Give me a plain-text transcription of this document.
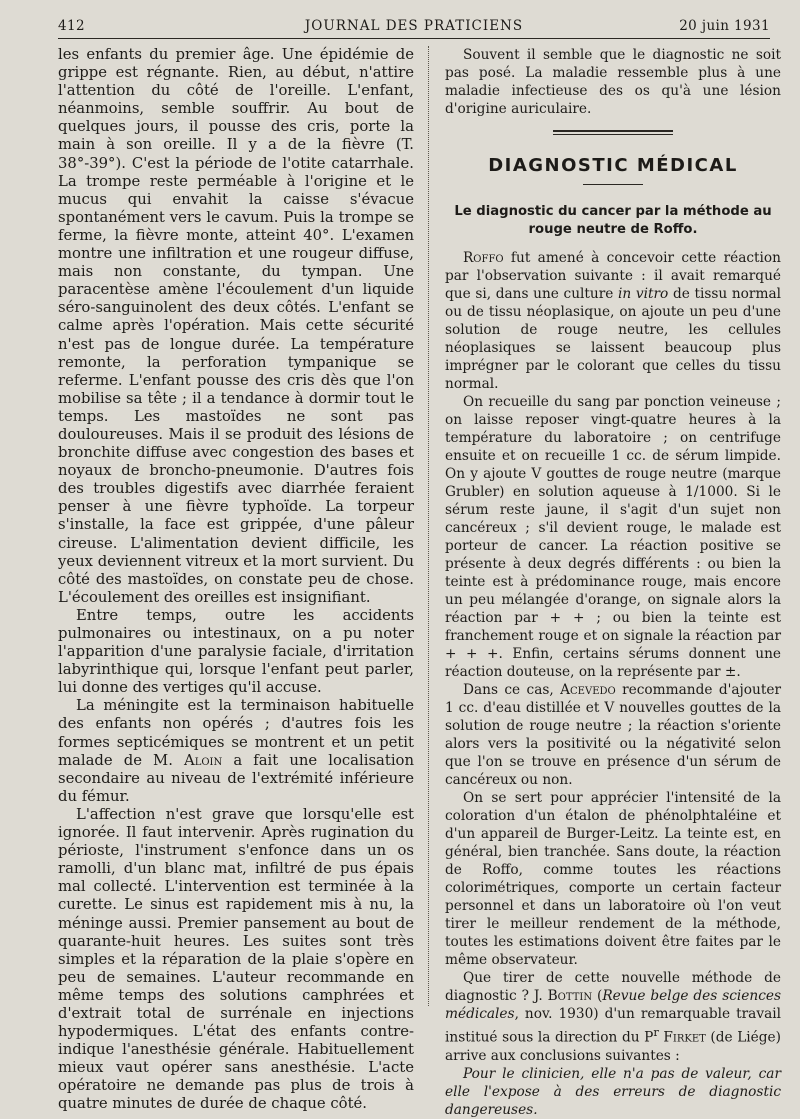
412	JOURNAL DES PRATICIENS	20 juin 1931

les enfants du premier âge. Une épidémie de grippe est régnante. Rien, au début, n'attire l'attention du côté de l'oreille. L'enfant, néanmoins, semble souffrir. Au bout de quelques jours, il pousse des cris, porte la main à son oreille. Il y a de la fièvre (T. 38°-39°). C'est la période de l'otite catarrhale. La trompe reste perméable à l'origine et le mucus qui envahit la caisse s'évacue spontanément vers le cavum. Puis la trompe se ferme, la fièvre monte, atteint 40°. L'examen montre une infiltration et une rougeur diffuse, mais non constante, du tympan. Une paracentèse amène l'écoulement d'un liquide séro-sanguinolent des deux côtés. L'enfant se calme après l'opération. Mais cette sécurité n'est pas de longue durée. La température remonte, la perforation tympanique se referme. L'enfant pousse des cris dès que l'on mobilise sa tête ; il a tendance à dormir tout le temps. Les mastoïdes ne sont pas douloureuses. Mais il se produit des lésions de bronchite diffuse avec congestion des bases et noyaux de broncho-pneumonie. D'autres fois des troubles digestifs avec diarrhée feraient penser à une fièvre typhoïde. La torpeur s'installe, la face est grippée, d'une pâleur cireuse. L'alimentation devient difficile, les yeux deviennent vitreux et la mort survient. Du côté des mastoïdes, on constate peu de chose. L'écoulement des oreilles est insignifiant.

Entre temps, outre les accidents pulmonaires ou intestinaux, on a pu noter l'apparition d'une paralysie faciale, d'irritation labyrinthique qui, lorsque l'enfant peut parler, lui donne des vertiges qu'il accuse.

La méningite est la terminaison habituelle des enfants non opérés ; d'autres fois les formes septicémiques se montrent et un petit malade de M. Aloin a fait une localisation secondaire au niveau de l'extrémité inférieure du fémur.

L'affection n'est grave que lorsqu'elle est ignorée. Il faut intervenir. Après rugination du périoste, l'instrument s'enfonce dans un os ramolli, d'un blanc mat, infiltré de pus épais mal collecté. L'intervention est terminée à la curette. Le sinus est rapidement mis à nu, la méninge aussi. Premier pansement au bout de quarante-huit heures. Les suites sont très simples et la réparation de la plaie s'opère en peu de semaines. L'auteur recommande en même temps des solutions camphrées et d'extrait total de surrénale en injections hypodermiques. L'état des enfants contre-indique l'anesthésie générale. Habituellement mieux vaut opérer sans anesthésie. L'acte opératoire ne demande pas plus de trois à quatre minutes de durée de chaque côté.

Souvent il semble que le diagnostic ne soit pas posé. La maladie ressemble plus à une maladie infectieuse des os qu'à une lésion d'origine auriculaire.

DIAGNOSTIC MÉDICAL
Le diagnostic du cancer par la méthode au rouge neutre de Roffo.

Roffo fut amené à concevoir cette réaction par l'observation suivante : il avait remarqué que si, dans une culture in vitro de tissu normal ou de tissu néoplasique, on ajoute un peu d'une solution de rouge neutre, les cellules néoplasiques se laissent beaucoup plus imprégner par le colorant que celles du tissu normal.

On recueille du sang par ponction veineuse ; on laisse reposer vingt-quatre heures à la température du laboratoire ; on centrifuge ensuite et on recueille 1 cc. de sérum limpide. On y ajoute V gouttes de rouge neutre (marque Grubler) en solution aqueuse à 1/1000. Si le sérum reste jaune, il s'agit d'un sujet non cancéreux ; s'il devient rouge, le malade est porteur de cancer. La réaction positive se présente à deux degrés différents : ou bien la teinte est à prédominance rouge, mais encore un peu mélangée d'orange, on signale alors la réaction par + + ; ou bien la teinte est franchement rouge et on signale la réaction par + + +. Enfin, certains sérums donnent une réaction douteuse, on la représente par ±.

Dans ce cas, Acevedo recommande d'ajouter 1 cc. d'eau distillée et V nouvelles gouttes de la solution de rouge neutre ; la réaction s'oriente alors vers la positivité ou la négativité selon que l'on se trouve en présence d'un sérum de cancéreux ou non.

On se sert pour apprécier l'intensité de la coloration d'un étalon de phénolphtaléine et d'un appareil de Burger-Leitz. La teinte est, en général, bien tranchée. Sans doute, la réaction de Roffo, comme toutes les réactions colorimétriques, comporte un certain facteur personnel et dans un laboratoire où l'on veut tirer le meilleur rendement de la méthode, toutes les estimations doivent être faites par le même observateur.

Que tirer de cette nouvelle méthode de diagnostic ? J. Bottin (Revue belge des sciences médicales, nov. 1930) d'un remarquable travail institué sous la direction du $P^r$ Firket (de Liége) arrive aux conclusions suivantes :

Pour le clinicien, elle n'a pas de valeur, car elle l'expose à des erreurs de diagnostic dangereuses.
